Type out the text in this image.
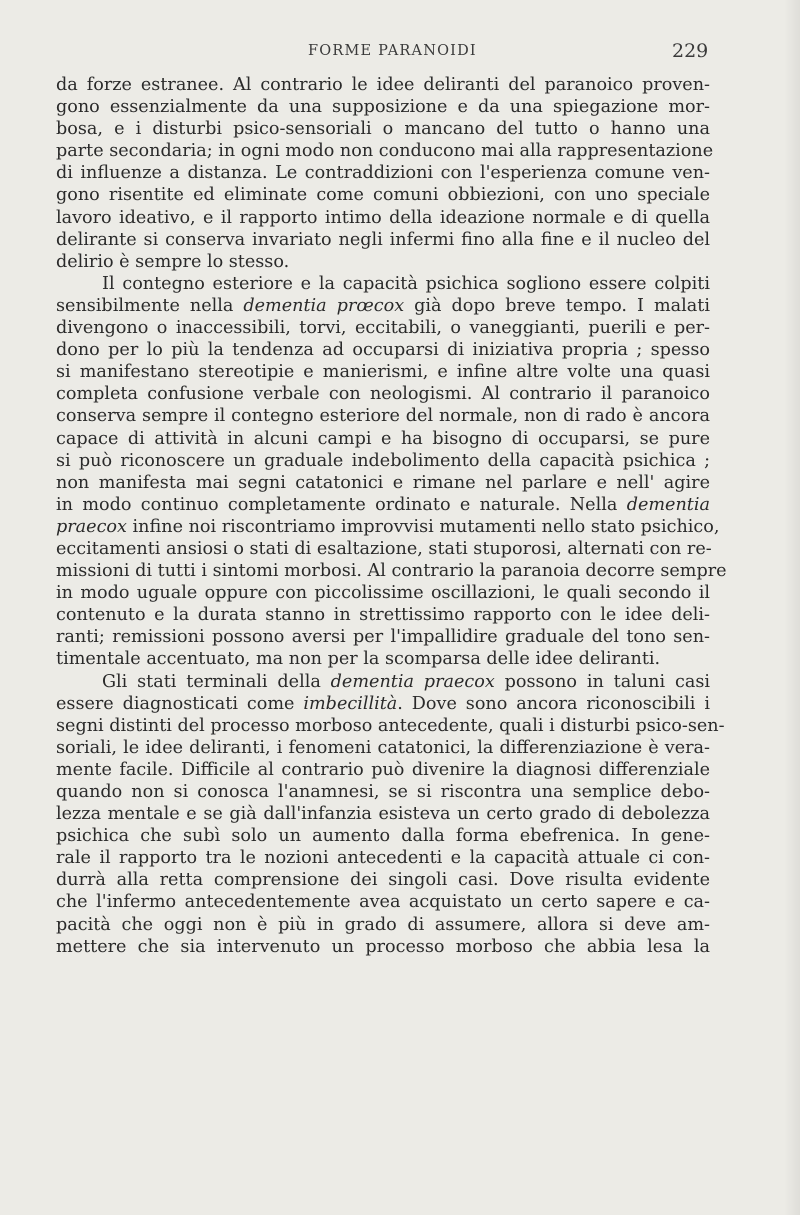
FORME PARANOIDI	229
da forze estranee. Al contrario le idee deliranti del paranoico proven-
gono essenzialmente da una supposizione e da una spiegazione mor-
bosa, e i disturbi psico-sensoriali o mancano del tutto o hanno una
parte secondaria; in ogni modo non conducono mai alla rappresentazione
di influenze a distanza. Le contraddizioni con l'esperienza comune ven-
gono risentite ed eliminate come comuni obbiezioni, con uno speciale
lavoro ideativo, e il rapporto intimo della ideazione normale e di quella
delirante si conserva invariato negli infermi fino alla fine e il nucleo del
delirio è sempre lo stesso.
Il contegno esteriore e la capacità psichica sogliono essere colpiti
sensibilmente nella dementia prœcox già dopo breve tempo. I malati
divengono o inaccessibili, torvi, eccitabili, o vaneggianti, puerili e per-
dono per lo più la tendenza ad occuparsi di iniziativa propria ; spesso
si manifestano stereotipie e manierismi, e infine altre volte una quasi
completa confusione verbale con neologismi. Al contrario il paranoico
conserva sempre il contegno esteriore del normale, non di rado è ancora
capace di attività in alcuni campi e ha bisogno di occuparsi, se pure
si può riconoscere un graduale indebolimento della capacità psichica ;
non manifesta mai segni catatonici e rimane nel parlare e nell' agire
in modo continuo completamente ordinato e naturale. Nella dementia
praecox infine noi riscontriamo improvvisi mutamenti nello stato psichico,
eccitamenti ansiosi o stati di esaltazione, stati stuporosi, alternati con re-
missioni di tutti i sintomi morbosi. Al contrario la paranoia decorre sempre
in modo uguale oppure con piccolissime oscillazioni, le quali secondo il
contenuto e la durata stanno in strettissimo rapporto con le idee deli-
ranti; remissioni possono aversi per l'impallidire graduale del tono sen-
timentale accentuato, ma non per la scomparsa delle idee deliranti.
Gli stati terminali della dementia praecox possono in taluni casi
essere diagnosticati come imbecillità. Dove sono ancora riconoscibili i
segni distinti del processo morboso antecedente, quali i disturbi psico-sen-
soriali, le idee deliranti, i fenomeni catatonici, la differenziazione è vera-
mente facile. Difficile al contrario può divenire la diagnosi differenziale
quando non si conosca l'anamnesi, se si riscontra una semplice debo-
lezza mentale e se già dall'infanzia esisteva un certo grado di debolezza
psichica che subì solo un aumento dalla forma ebefrenica. In gene-
rale il rapporto tra le nozioni antecedenti e la capacità attuale ci con-
durrà alla retta comprensione dei singoli casi. Dove risulta evidente
che l'infermo antecedentemente avea acquistato un certo sapere e ca-
pacità che oggi non è più in grado di assumere, allora si deve am-
mettere che sia intervenuto un processo morboso che abbia lesa la
